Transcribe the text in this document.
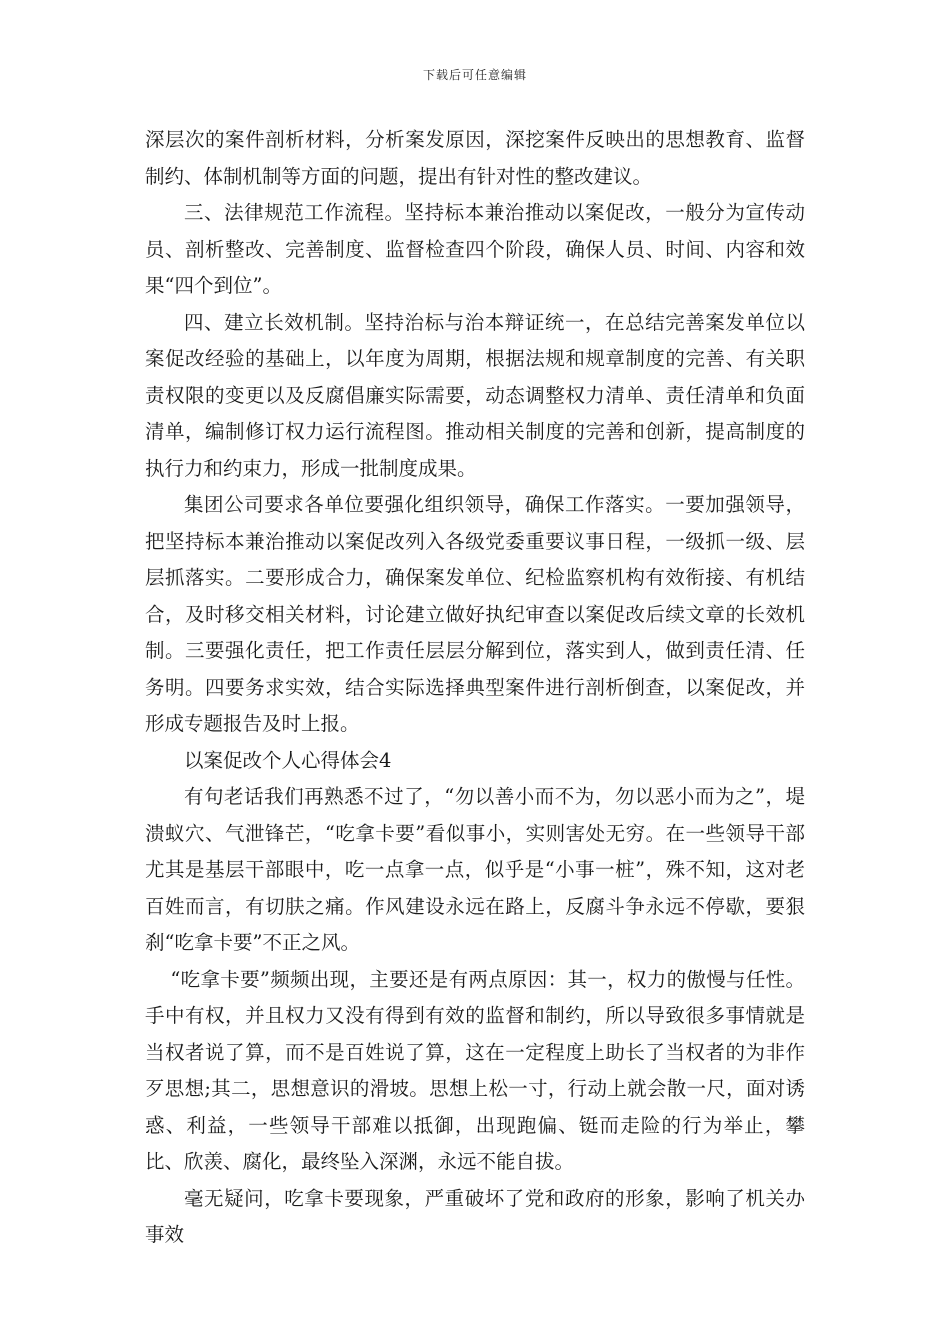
下载后可任意编辑

深层次的案件剖析材料，分析案发原因，深挖案件反映出的思想教育、监督制约、体制机制等方面的问题，提出有针对性的整改建议。

三、法律规范工作流程。坚持标本兼治推动以案促改，一般分为宣传动员、剖析整改、完善制度、监督检查四个阶段，确保人员、时间、内容和效果“四个到位”。

四、建立长效机制。坚持治标与治本辩证统一，在总结完善案发单位以案促改经验的基础上，以年度为周期，根据法规和规章制度的完善、有关职责权限的变更以及反腐倡廉实际需要，动态调整权力清单、责任清单和负面清单，编制修订权力运行流程图。推动相关制度的完善和创新，提高制度的执行力和约束力，形成一批制度成果。

集团公司要求各单位要强化组织领导，确保工作落实。一要加强领导，把坚持标本兼治推动以案促改列入各级党委重要议事日程，一级抓一级、层层抓落实。二要形成合力，确保案发单位、纪检监察机构有效衔接、有机结合，及时移交相关材料，讨论建立做好执纪审查以案促改后续文章的长效机制。三要强化责任，把工作责任层层分解到位，落实到人，做到责任清、任务明。四要务求实效，结合实际选择典型案件进行剖析倒查，以案促改，并形成专题报告及时上报。

以案促改个人心得体会4

有句老话我们再熟悉不过了，“勿以善小而不为，勿以恶小而为之”，堤溃蚁穴、气泄锋芒，“吃拿卡要”看似事小，实则害处无穷。在一些领导干部尤其是基层干部眼中，吃一点拿一点，似乎是“小事一桩”，殊不知，这对老百姓而言，有切肤之痛。作风建设永远在路上，反腐斗争永远不停歇，要狠刹“吃拿卡要”不正之风。

“吃拿卡要”频频出现，主要还是有两点原因：其一，权力的傲慢与任性。手中有权，并且权力又没有得到有效的监督和制约，所以导致很多事情就是当权者说了算，而不是百姓说了算，这在一定程度上助长了当权者的为非作歹思想;其二，思想意识的滑坡。思想上松一寸，行动上就会散一尺，面对诱惑、利益，一些领导干部难以抵御，出现跑偏、铤而走险的行为举止，攀比、欣羡、腐化，最终坠入深渊，永远不能自拔。

毫无疑问，吃拿卡要现象，严重破坏了党和政府的形象，影响了机关办事效
